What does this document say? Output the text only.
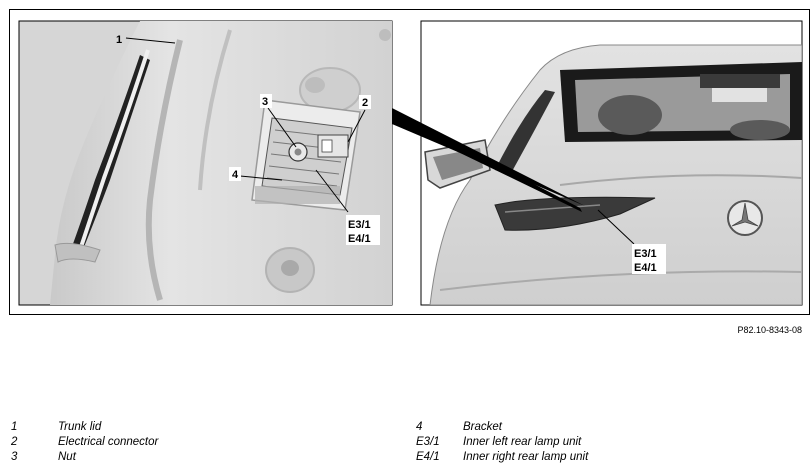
1
3	2
4
E3/1
E4/1
E3/1
E4/1
P82.10-8343-08
1	Trunk lid
2	Electrical connector
3	Nut
4	Bracket
E3/1 Inner left rear lamp unit
E4/1 Inner right rear lamp unit
